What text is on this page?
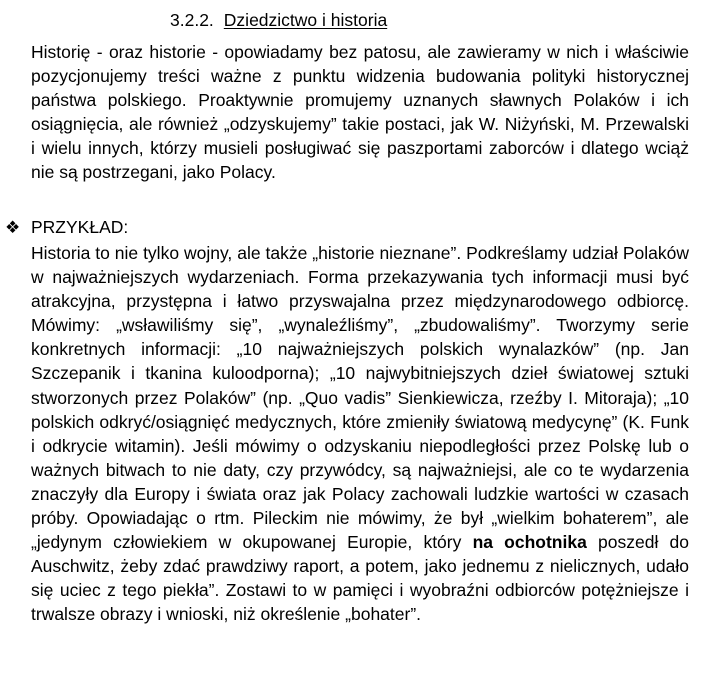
3.2.2. Dziedzictwo i historia

Historię - oraz historie - opowiadamy bez patosu, ale zawieramy w nich i właściwie pozycjonujemy treści ważne z punktu widzenia budowania polityki historycznej państwa polskiego. Proaktywnie promujemy uznanych sławnych Polaków i ich osiągnięcia, ale również „odzyskujemy” takie postaci, jak W. Niżyński, M. Przewalski i wielu innych, którzy musieli posługiwać się paszportami zaborców i dlatego wciąż nie są postrzegani, jako Polacy.

❖ PRZYKŁAD:

Historia to nie tylko wojny, ale także „historie nieznane”. Podkreślamy udział Polaków w najważniejszych wydarzeniach. Forma przekazywania tych informacji musi być atrakcyjna, przystępna i łatwo przyswajalna przez międzynarodowego odbiorcę. Mówimy: „wsławiliśmy się”, „wynaleźliśmy”, „zbudowaliśmy”. Tworzymy serie konkretnych informacji: „10 najważniejszych polskich wynalazków” (np. Jan Szczepanik i tkanina kuloodporna); „10 najwybitniejszych dzieł światowej sztuki stworzonych przez Polaków” (np. „Quo vadis” Sienkiewicza, rzeźby I. Mitoraja); „10 polskich odkryć/osiągnięć medycznych, które zmieniły światową medycynę” (K. Funk i odkrycie witamin). Jeśli mówimy o odzyskaniu niepodległości przez Polskę lub o ważnych bitwach to nie daty, czy przywódcy, są najważniejsi, ale co te wydarzenia znaczyły dla Europy i świata oraz jak Polacy zachowali ludzkie wartości w czasach próby. Opowiadając o rtm. Pileckim nie mówimy, że był „wielkim bohaterem”, ale „jedynym człowiekiem w okupowanej Europie, który na ochotnika poszedł do Auschwitz, żeby zdać prawdziwy raport, a potem, jako jednemu z nielicznych, udało się uciec z tego piekła”. Zostawi to w pamięci i wyobraźni odbiorców potężniejsze i trwalsze obrazy i wnioski, niż określenie „bohater”.
